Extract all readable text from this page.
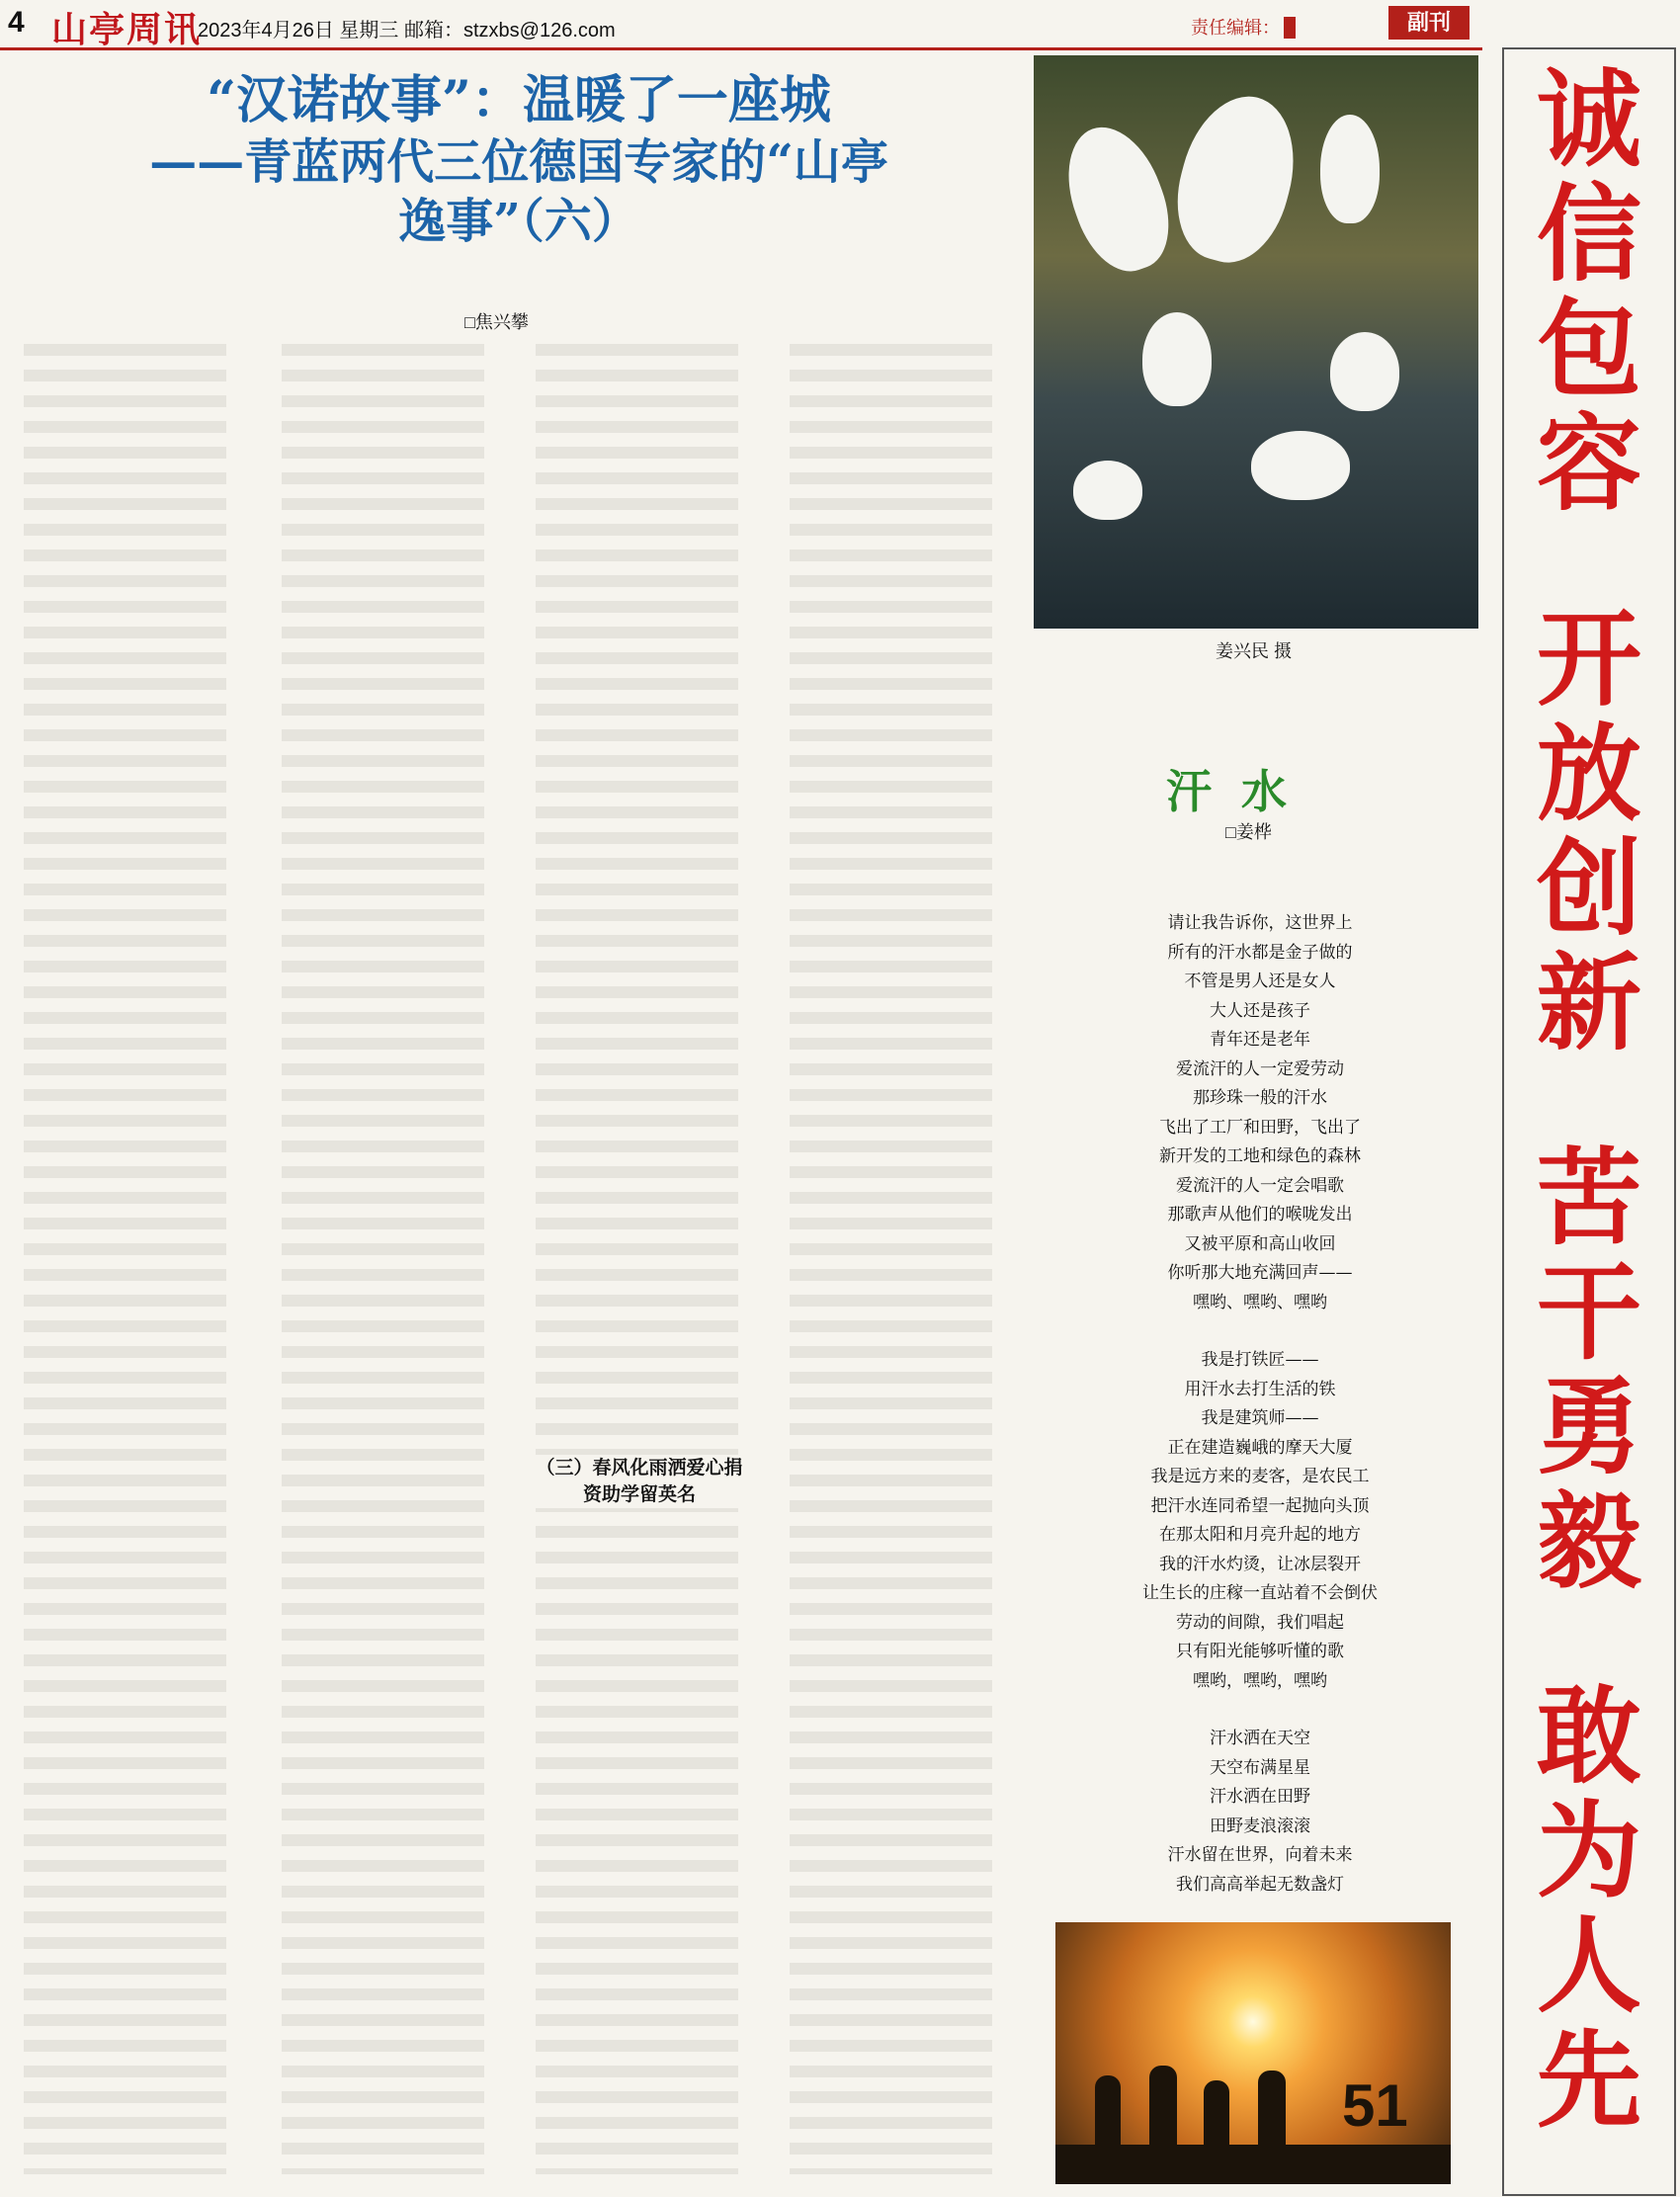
4 山亭周讯
2023年4月26日 星期三 邮箱：stzxbs@126.com	责任编辑：	副刊
“汉诺故事”：温暖了一座城
——青蓝两代三位德国专家的“山亭
逸事”（六）
□焦兴攀

（三）春风化雨洒爱心捐资助学留英名
姜兴民 摄
汗水
□姜桦
请让我告诉你，这世界上
所有的汗水都是金子做的
不管是男人还是女人
大人还是孩子
青年还是老年
爱流汗的人一定爱劳动
那珍珠一般的汗水
飞出了工厂和田野，飞出了
新开发的工地和绿色的森林
爱流汗的人一定会唱歌
那歌声从他们的喉咙发出
又被平原和高山收回
你听那大地充满回声——
嘿哟、嘿哟、嘿哟
我是打铁匠——
用汗水去打生活的铁
我是建筑师——
正在建造巍峨的摩天大厦
我是远方来的麦客，是农民工
把汗水连同希望一起抛向头顶
在那太阳和月亮升起的地方
我的汗水灼烫，让冰层裂开
让生长的庄稼一直站着不会倒伏
劳动的间隙，我们唱起
只有阳光能够听懂的歌
嘿哟，嘿哟，嘿哟
汗水洒在天空
天空布满星星
汗水洒在田野
田野麦浪滚滚
汗水留在世界，向着未来
我们高高举起无数盏灯
51
诚
信
包
容
开
放
创
新
苦
干
勇
毅
敢
为
人
先
